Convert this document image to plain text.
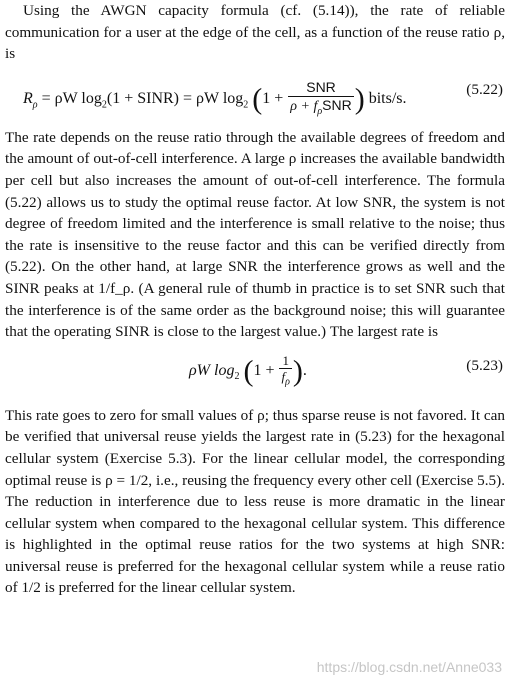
Using the AWGN capacity formula (cf. (5.14)), the rate of reliable communication for a user at the edge of the cell, as a function of the reuse ratio ρ, is

$R_\rho = \rho W$ $\log_2(1$ + SINR) = ρW $\log_2 (1 + \frac{\text{SNR}}{\rho + f_\rho SNR}$ ) bits/s.
(5.22)

The rate depends on the reuse ratio through the available degrees of freedom and the amount of out-of-cell interference. A large ρ increases the available bandwidth per cell but also increases the amount of out-of-cell interference. The formula (5.22) allows us to study the optimal reuse factor. At low SNR, the system is not degree of freedom limited and the interference is small relative to the noise; thus the rate is insensitive to the reuse factor and this can be verified directly from (5.22). On the other hand, at large SNR the interference grows as well and the SINR peaks at 1/f_ρ. (A general rule of thumb in practice is to set SNR such that the interference is of the same order as the background noise; this will guarantee that the operating SINR is close to the largest value.) The largest rate is

ρW $\log_2 (1 + \frac{1}{f_\rho}$ ).	(5.23)

This rate goes to zero for small values of ρ; thus sparse reuse is not favored. It can be verified that universal reuse yields the largest rate in (5.23) for the hexagonal cellular system (Exercise 5.3). For the linear cellular model, the corresponding optimal reuse is ρ = 1/2, i.e., reusing the frequency every other cell (Exercise 5.5). The reduction in interference due to less reuse is more dramatic in the linear cellular system when compared to the hexagonal cellular system. This difference is highlighted in the optimal reuse ratios for the two systems at high SNR: universal reuse is preferred for the hexagonal cellular system while a reuse ratio of 1/2 is preferred for the linear cellular system.

https://blog.csdn.net/Anne033
